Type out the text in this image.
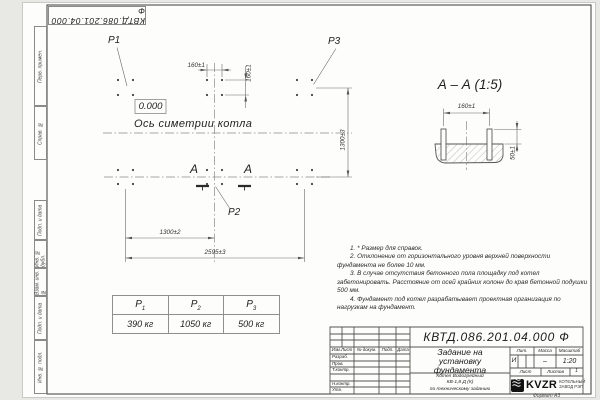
КВТД.086.201.04.000 Ф
Перв. примен.
Справ. №
Подп. и дата
Инв. № дубл.
Взам. инв. №
Подп. и дата
Инв. № подл.
P1	P3
P2
0.000
Ось симетрии котла
А	А
160±1	160±1
1300±3
1300±2
2595±3
А – А (1:5)
160±1
50±1

1. * Размер для справок.

2. Отклонение от горизонтального уровня верхней поверхности фундамента не более 10 мм.

3. В случае отсутствия бетонного пола площадку под котел забетонировать. Расстояние от осей крайних колонн до края бетонной подушки 500 мм.

4. Фундамент под котел разрабатывает проектная организация по нагрузкам на фундамент.

$P_1$	$P_2$	$P_3$
390 кг	1050 кг	500 кг
КВТД.086.201.04.000 Ф
Задание на
установку
фундамента
Котел Водогрейный
КВ-1,8 Д (К)
по техническому заданию
Изм.Лист	№ докум.	Подп. Дата
Разраб.
Пров.
Т.контр.
Н.контр.
Утв.
Лит.	Масса	Масштаб
И	–	1:20
Лист	Листов	1
KVZR КОТЕЛЬНЫЙ
ЗАВОД РЭП
Формат А3
